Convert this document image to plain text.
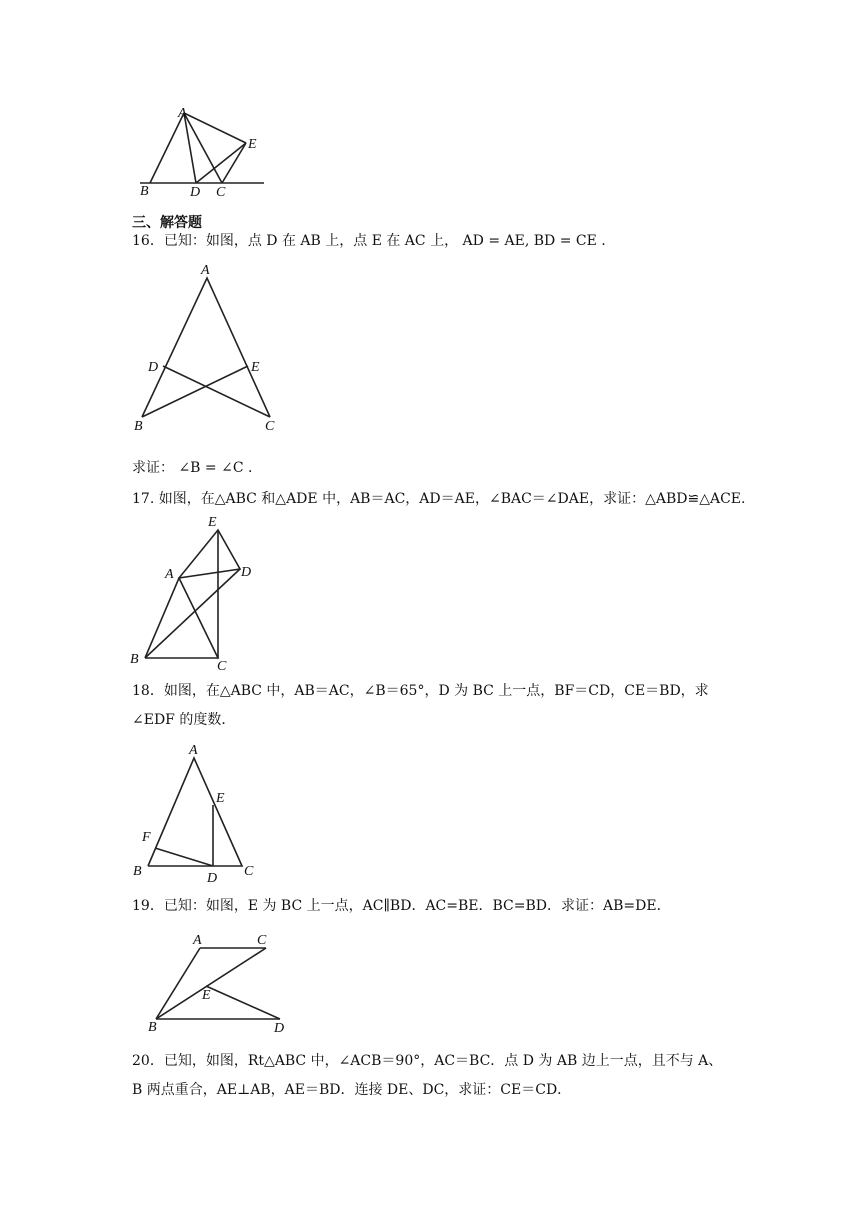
A
B	D C
E
三、解答题
16．已知：如图，点 D 在 AB 上，点 E 在 AC 上， AD = AE, BD = CE .
A
D	E
B	C
求证： ∠B = ∠C .
17. 如图，在△ABC 和△ADE 中，AB＝AC，AD＝AE，∠BAC＝∠DAE，求证：△ABD≌△ACE.
E
A	D
B	C
18．如图，在△ABC 中，AB＝AC，∠B＝65°，D 为 BC 上一点，BF＝CD，CE＝BD，求
∠EDF 的度数．
A
E
F
B	D C
19．已知：如图，E 为 BC 上一点，AC∥BD．AC=BE．BC=BD．求证：AB=DE．
A	C
E
B	D
20．已知，如图，Rt△ABC 中，∠ACB＝90°，AC＝BC．点 D 为 AB 边上一点，且不与 A、
B 两点重合，AE⊥AB，AE＝BD．连接 DE、DC，求证：CE＝CD．
